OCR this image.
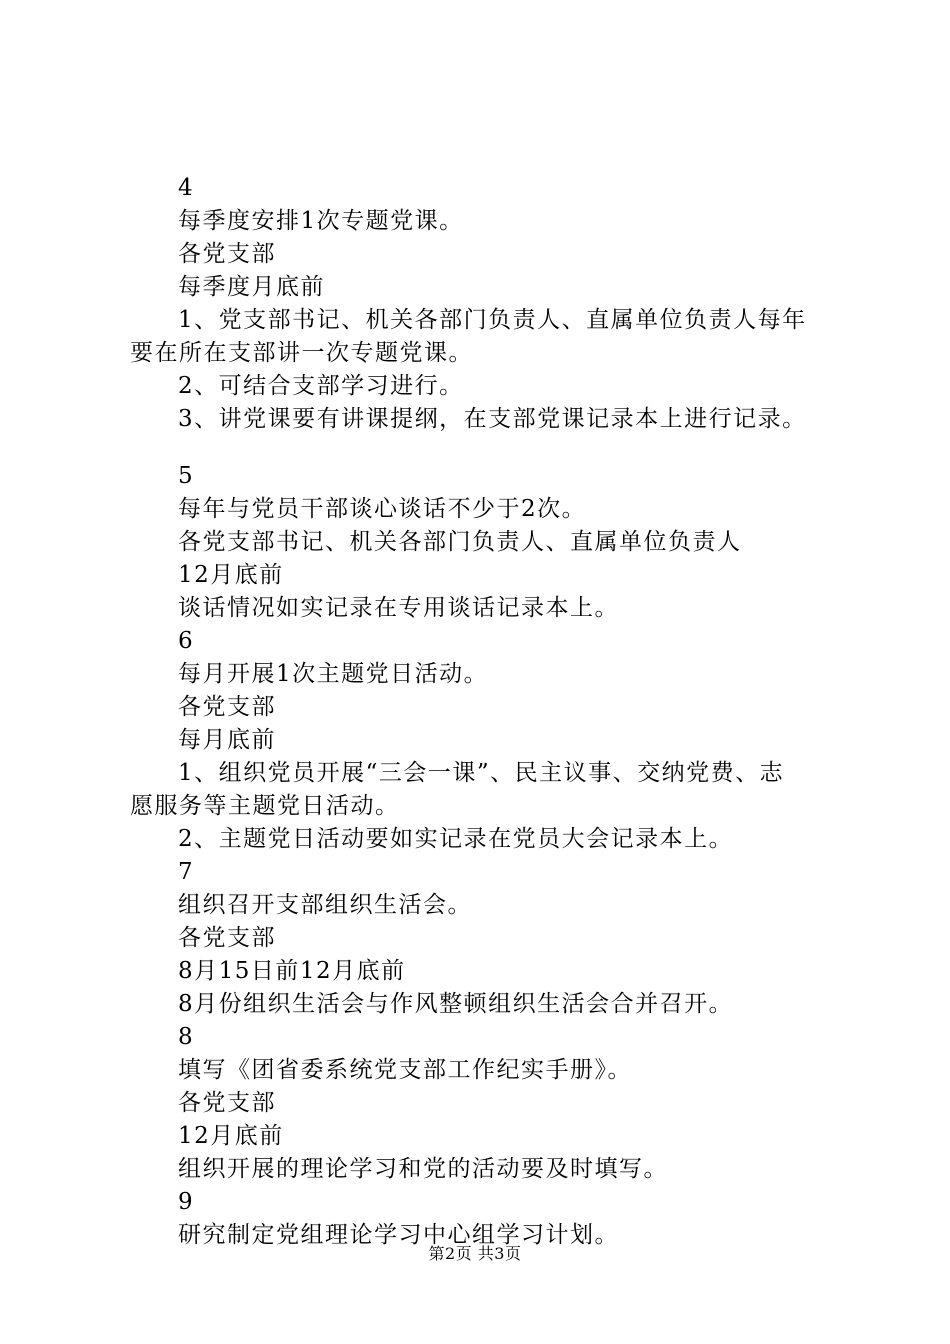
4
每季度安排1次专题党课。
各党支部
每季度月底前
1、党支部书记、机关各部门负责人、直属单位负责人每年
要在所在支部讲一次专题党课。
2、可结合支部学习进行。
3、讲党课要有讲课提纲，在支部党课记录本上进行记录。
5
每年与党员干部谈心谈话不少于2次。
各党支部书记、机关各部门负责人、直属单位负责人
12月底前
谈话情况如实记录在专用谈话记录本上。
6
每月开展1次主题党日活动。
各党支部
每月底前
1、组织党员开展“三会一课”、民主议事、交纳党费、志
愿服务等主题党日活动。
2、主题党日活动要如实记录在党员大会记录本上。
7
组织召开支部组织生活会。
各党支部
8月15日前12月底前
8月份组织生活会与作风整顿组织生活会合并召开。
8
填写《团省委系统党支部工作纪实手册》。
各党支部
12月底前
组织开展的理论学习和党的活动要及时填写。
9
研究制定党组理论学习中心组学习计划。
第2页 共3页
